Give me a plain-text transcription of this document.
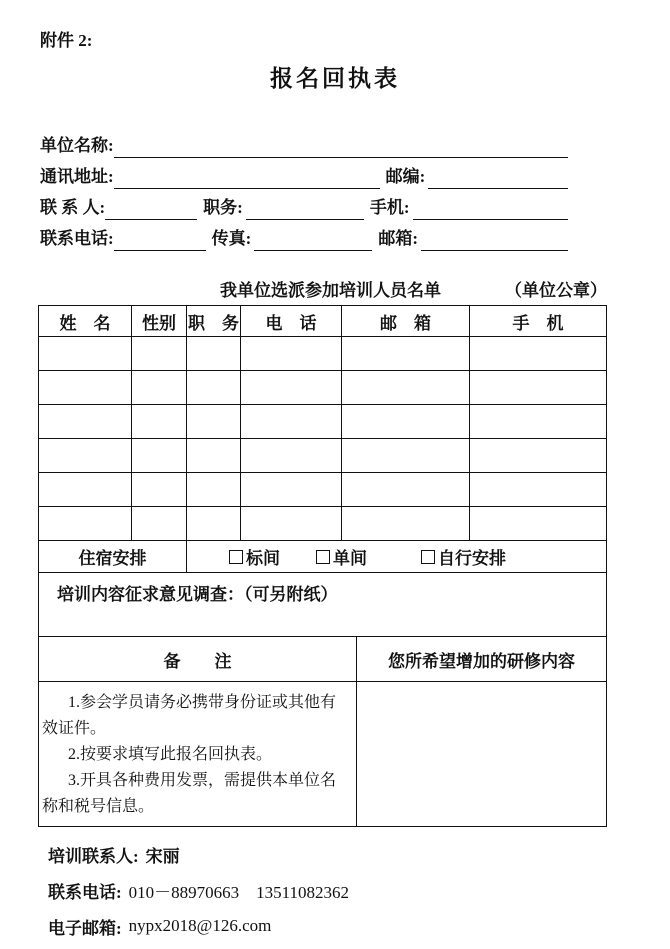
附件 2:
报名回执表
单位名称:
通讯地址:	邮编:
联 系 人:	职务:	手机:
联系电话:	传真:	邮箱:
我单位选派参加培训人员名单	（单位公章）
姓　名	性别 职　务	电　话	邮　箱	手　机
住宿安排	标间	单间	自行安排
培训内容征求意见调查：（可另附纸）
备　　注	您所希望增加的研修内容

1.参会学员请务必携带身份证或其他有效证件。

2.按要求填写此报名回执表。

3.开具各种费用发票，需提供本单位名称和税号信息。

培训联系人: 宋丽
联系电话: 010－88970663　13511082362
电子邮箱: nypx2018@126.com
